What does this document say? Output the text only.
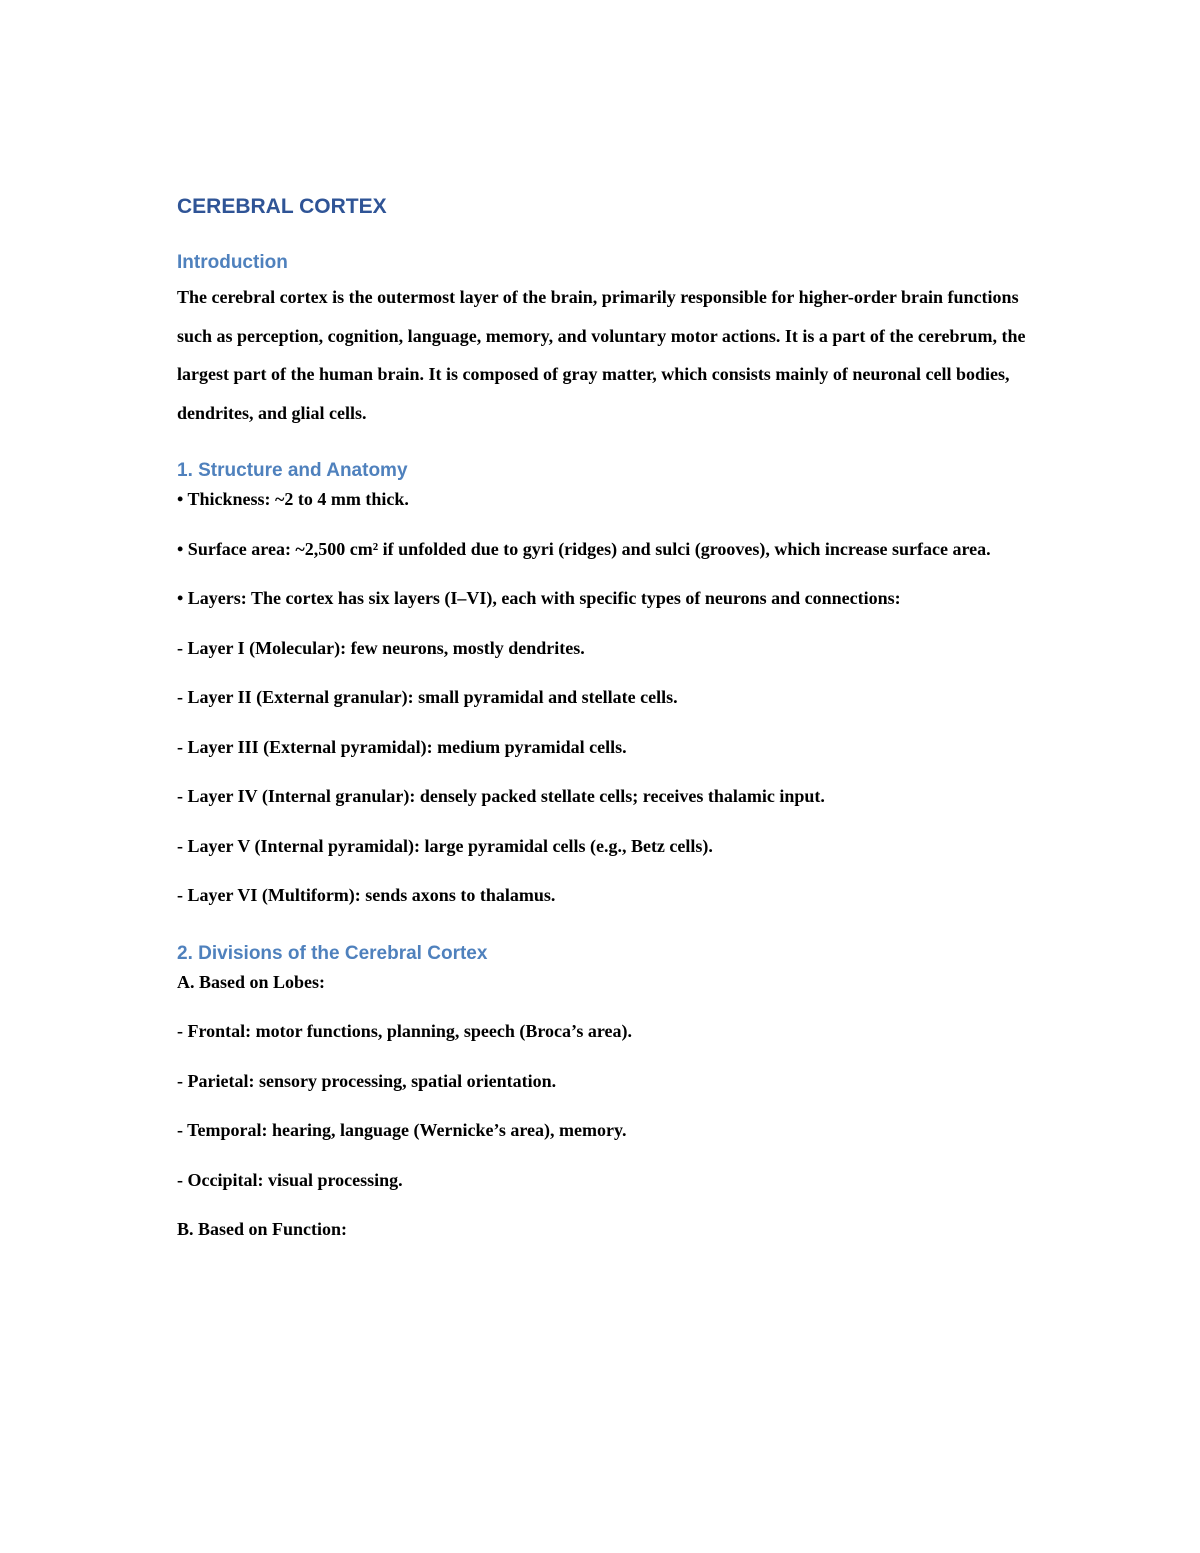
CEREBRAL CORTEX
Introduction

The cerebral cortex is the outermost layer of the brain, primarily responsible for higher-order brain functions such as perception, cognition, language, memory, and voluntary motor actions. It is a part of the cerebrum, the largest part of the human brain. It is composed of gray matter, which consists mainly of neuronal cell bodies, dendrites, and glial cells.

1. Structure and Anatomy

• Thickness: ~2 to 4 mm thick.

• Surface area: ~2,500 cm² if unfolded due to gyri (ridges) and sulci (grooves), which increase surface area.

• Layers: The cortex has six layers (I–VI), each with specific types of neurons and connections:

- Layer I (Molecular): few neurons, mostly dendrites.

- Layer II (External granular): small pyramidal and stellate cells.

- Layer III (External pyramidal): medium pyramidal cells.

- Layer IV (Internal granular): densely packed stellate cells; receives thalamic input.

- Layer V (Internal pyramidal): large pyramidal cells (e.g., Betz cells).

- Layer VI (Multiform): sends axons to thalamus.

2. Divisions of the Cerebral Cortex

A. Based on Lobes:

- Frontal: motor functions, planning, speech (Broca’s area).

- Parietal: sensory processing, spatial orientation.

- Temporal: hearing, language (Wernicke’s area), memory.

- Occipital: visual processing.

B. Based on Function:
